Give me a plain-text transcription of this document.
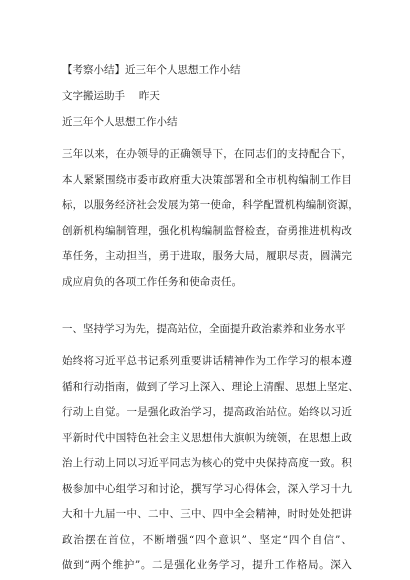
【考察小结】近三年个人思想工作小结
文字搬运助手　 昨天
近三年个人思想工作小结
三年以来，在办领导的正确领导下，在同志们的支持配合下，
本人紧紧围绕市委市政府重大决策部署和全市机构编制工作目
标，以服务经济社会发展为第一使命，科学配置机构编制资源，
创新机构编制管理，强化机构编制监督检查，奋勇推进机构改
革任务，主动担当，勇于进取，服务大局，履职尽责，圆满完
成应肩负的各项工作任务和使命责任。
一、坚持学习为先，提高站位，全面提升政治素养和业务水平
始终将习近平总书记系列重要讲话精神作为工作学习的根本遵
循和行动指南，做到了学习上深入、理论上清醒、思想上坚定、
行动上自觉。一是强化政治学习，提高政治站位。始终以习近
平新时代中国特色社会主义思想伟大旗帜为统领，在思想上政
治上行动上同以习近平同志为核心的党中央保持高度一致。积
极参加中心组学习和讨论，撰写学习心得体会，深入学习十九
大和十九届一中、二中、三中、四中全会精神，时时处处把讲
政治摆在首位，不断增强“四个意识”、坚定“四个自信”、
做到“两个维护”。二是强化业务学习，提升工作格局。深入
